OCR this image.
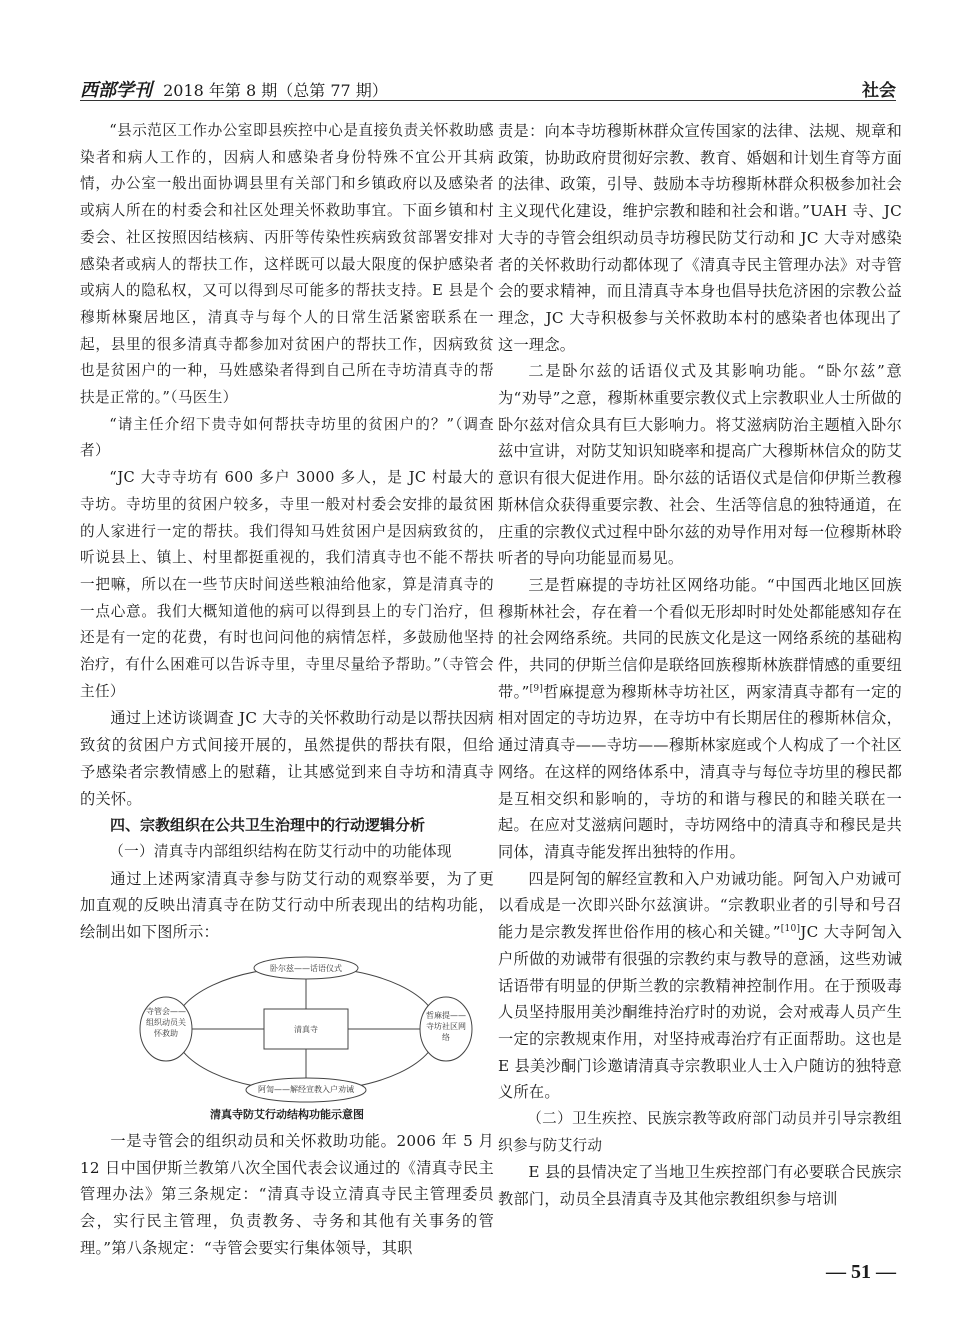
西部学刊 2018 年第 8 期（总第 77 期）	社会

“县示范区工作办公室即县疾控中心是直接负责关怀救助感染者和病人工作的，因病人和感染者身份特殊不宜公开其病情，办公室一般出面协调县里有关部门和乡镇政府以及感染者或病人所在的村委会和社区处理关怀救助事宜。下面乡镇和村委会、社区按照因结核病、丙肝等传染性疾病致贫部署安排对感染者或病人的帮扶工作，这样既可以最大限度的保护感染者或病人的隐私权，又可以得到尽可能多的帮扶支持。E 县是个穆斯林聚居地区，清真寺与每个人的日常生活紧密联系在一起，县里的很多清真寺都参加对贫困户的帮扶工作，因病致贫也是贫困户的一种，马姓感染者得到自己所在寺坊清真寺的帮扶是正常的。”（马医生）

“请主任介绍下贵寺如何帮扶寺坊里的贫困户的？”（调查者）

“JC 大寺寺坊有 600 多户 3000 多人，是 JC 村最大的寺坊。寺坊里的贫困户较多，寺里一般对村委会安排的最贫困的人家进行一定的帮扶。我们得知马姓贫困户是因病致贫的，听说县上、镇上、村里都挺重视的，我们清真寺也不能不帮扶一把嘛，所以在一些节庆时间送些粮油给他家，算是清真寺的一点心意。我们大概知道他的病可以得到县上的专门治疗，但还是有一定的花费，有时也问问他的病情怎样，多鼓励他坚持治疗，有什么困难可以告诉寺里，寺里尽量给予帮助。”（寺管会主任）

通过上述访谈调查 JC 大寺的关怀救助行动是以帮扶因病致贫的贫困户方式间接开展的，虽然提供的帮扶有限，但给予感染者宗教情感上的慰藉，让其感觉到来自寺坊和清真寺的关怀。

四、宗教组织在公共卫生治理中的行动逻辑分析

（一）清真寺内部组织结构在防艾行动中的功能体现

通过上述两家清真寺参与防艾行动的观察举要，为了更加直观的反映出清真寺在防艾行动中所表现出的结构功能，绘制出如下图所示：

卧尔兹——话语仪式
清真寺
寺管会——组织动员关怀救助
哲麻提——寺坊社区网络
阿訇——解经宣教入户劝诫
清真寺防艾行动结构功能示意图

一是寺管会的组织动员和关怀救助功能。2006 年 5 月 12 日中国伊斯兰教第八次全国代表会议通过的《清真寺民主管理办法》第三条规定：“清真寺设立清真寺民主管理委员会，实行民主管理，负责教务、寺务和其他有关事务的管理。”第八条规定：“寺管会要实行集体领导，其职

责是：向本寺坊穆斯林群众宣传国家的法律、法规、规章和政策，协助政府贯彻好宗教、教育、婚姻和计划生育等方面的法律、政策，引导、鼓励本寺坊穆斯林群众积极参加社会主义现代化建设，维护宗教和睦和社会和谐。”UAH 寺、JC 大寺的寺管会组织动员寺坊穆民防艾行动和 JC 大寺对感染者的关怀救助行动都体现了《清真寺民主管理办法》对寺管会的要求精神，而且清真寺本身也倡导扶危济困的宗教公益理念，JC 大寺积极参与关怀救助本村的感染者也体现出了这一理念。

二是卧尔兹的话语仪式及其影响功能。“卧尔兹”意为“劝导”之意，穆斯林重要宗教仪式上宗教职业人士所做的卧尔兹对信众具有巨大影响力。将艾滋病防治主题植入卧尔兹中宣讲，对防艾知识知晓率和提高广大穆斯林信众的防艾意识有很大促进作用。卧尔兹的话语仪式是信仰伊斯兰教穆斯林信众获得重要宗教、社会、生活等信息的独特通道，在庄重的宗教仪式过程中卧尔兹的劝导作用对每一位穆斯林聆听者的导向功能显而易见。

三是哲麻提的寺坊社区网络功能。“中国西北地区回族穆斯林社会，存在着一个看似无形却时时处处都能感知存在的社会网络系统。共同的民族文化是这一网络系统的基础构件，共同的伊斯兰信仰是联络回族穆斯林族群情感的重要纽带。”[9]哲麻提意为穆斯林寺坊社区，两家清真寺都有一定的相对固定的寺坊边界，在寺坊中有长期居住的穆斯林信众，通过清真寺——寺坊——穆斯林家庭或个人构成了一个社区网络。在这样的网络体系中，清真寺与每位寺坊里的穆民都是互相交织和影响的，寺坊的和谐与穆民的和睦关联在一起。在应对艾滋病问题时，寺坊网络中的清真寺和穆民是共同体，清真寺能发挥出独特的作用。

四是阿訇的解经宣教和入户劝诫功能。阿訇入户劝诫可以看成是一次即兴卧尔兹演讲。“宗教职业者的引导和号召能力是宗教发挥世俗作用的核心和关键。”[10]JC 大寺阿訇入户所做的劝诫带有很强的宗教约束与教导的意涵，这些劝诫话语带有明显的伊斯兰教的宗教精神控制作用。在于预吸毒人员坚持服用美沙酮维持治疗时的劝说，会对戒毒人员产生一定的宗教规束作用，对坚持戒毒治疗有正面帮助。这也是 E 县美沙酮门诊邀请清真寺宗教职业人士入户随访的独特意义所在。

（二）卫生疾控、民族宗教等政府部门动员并引导宗教组织参与防艾行动

E 县的县情决定了当地卫生疾控部门有必要联合民族宗教部门，动员全县清真寺及其他宗教组织参与培训

— 51 —
